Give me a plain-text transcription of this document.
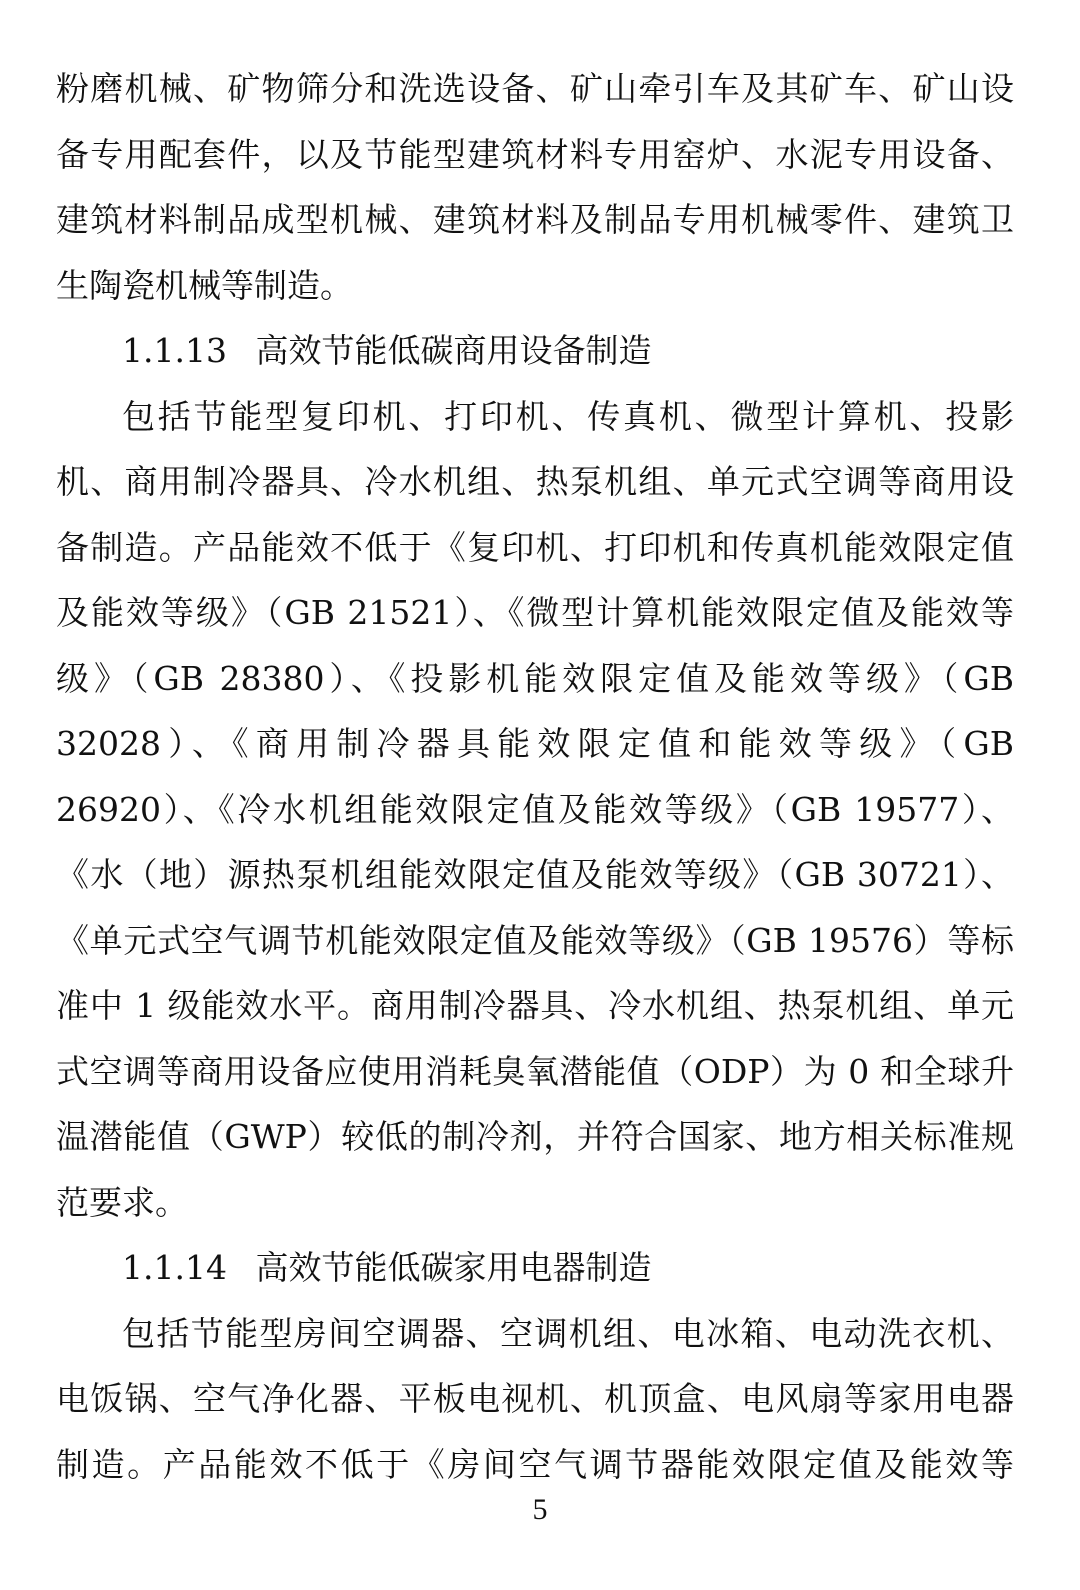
粉磨机械、矿物筛分和洗选设备、矿山牵引车及其矿车、矿山设
备专用配套件，以及节能型建筑材料专用窑炉、水泥专用设备、
建筑材料制品成型机械、建筑材料及制品专用机械零件、建筑卫
生陶瓷机械等制造。
1.1.13 高效节能低碳商用设备制造
包括节能型复印机、打印机、传真机、微型计算机、投影
机、商用制冷器具、冷水机组、热泵机组、单元式空调等商用设
备制造。产品能效不低于《复印机、打印机和传真机能效限定值
及能效等级》（GB 21521）、《微型计算机能效限定值及能效等
级》（GB 28380）、《投影机能效限定值及能效等级》（GB
32028）、《商用制冷器具能效限定值和能效等级》（GB
26920）、《冷水机组能效限定值及能效等级》（GB 19577）、
《水（地）源热泵机组能效限定值及能效等级》（GB 30721）、
《单元式空气调节机能效限定值及能效等级》（GB 19576）等标
准中 1 级能效水平。商用制冷器具、冷水机组、热泵机组、单元
式空调等商用设备应使用消耗臭氧潜能值（ODP）为 0 和全球升
温潜能值（GWP）较低的制冷剂，并符合国家、地方相关标准规
范要求。
1.1.14 高效节能低碳家用电器制造
包括节能型房间空调器、空调机组、电冰箱、电动洗衣机、
电饭锅、空气净化器、平板电视机、机顶盒、电风扇等家用电器
制造。产品能效不低于《房间空气调节器能效限定值及能效等
5
